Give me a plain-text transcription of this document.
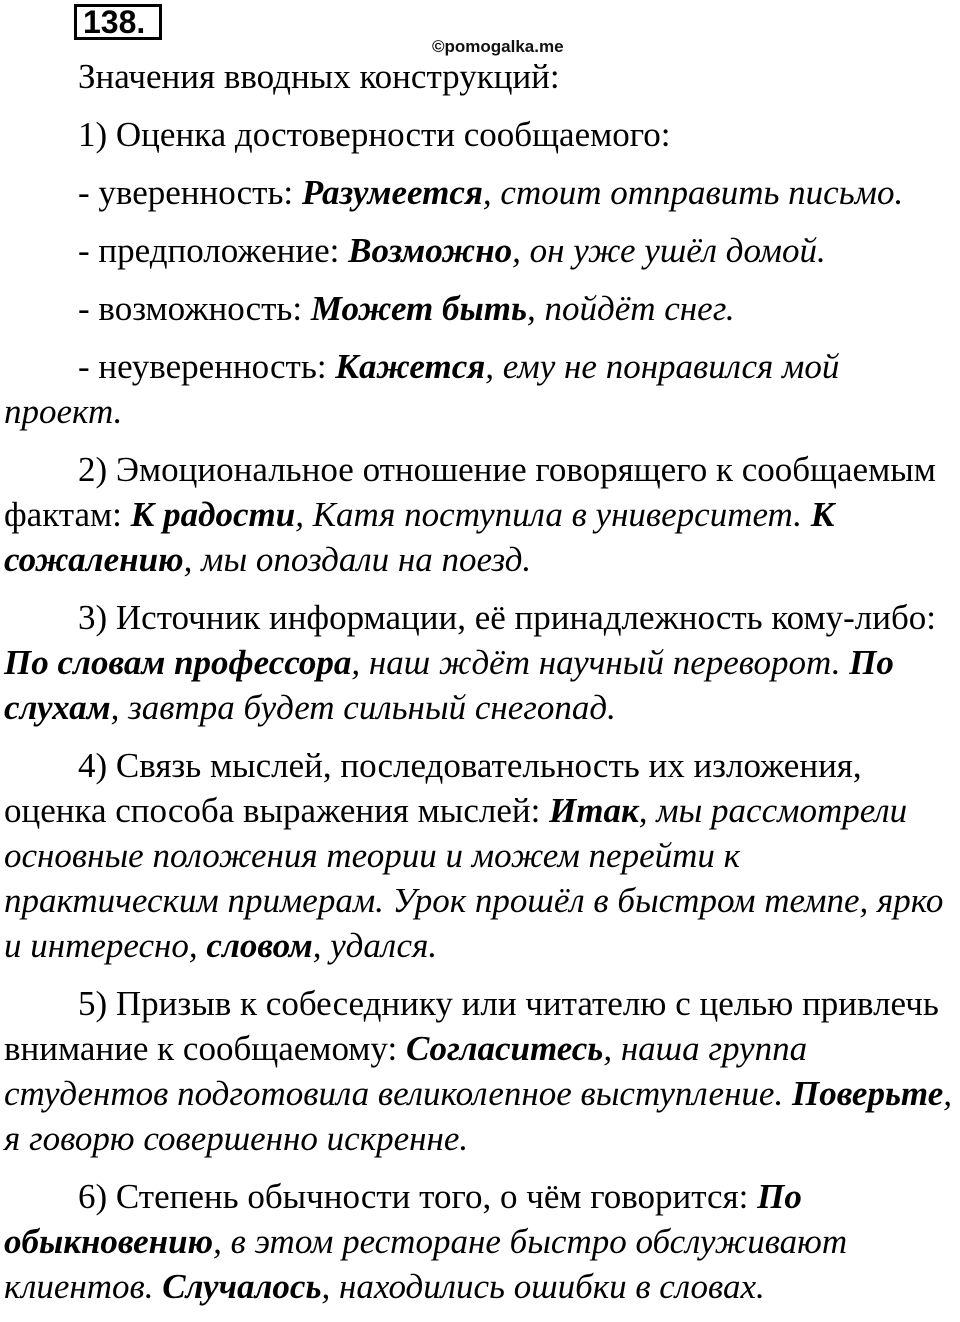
138.
©pomogalka.me

Значения вводных конструкций:

1) Оценка достоверности сообщаемого:

- уверенность: Разумеется, стоит отправить письмо.

- предположение: Возможно, он уже ушёл домой.

- возможность: Может быть, пойдёт снег.

- неуверенность: Кажется, ему не понравился мой проект.

2) Эмоциональное отношение говорящего к сообщаемым фактам: К радости, Катя поступила в университет. К сожалению, мы опоздали на поезд.

3) Источник информации, её принадлежность кому-либо: По словам профессора, наш ждёт научный переворот. По слухам, завтра будет сильный снегопад.

4) Связь мыслей, последовательность их изложения, оценка способа выражения мыслей: Итак, мы рассмотрели основные положения теории и можем перейти к практическим примерам. Урок прошёл в быстром темпе, ярко и интересно, словом, удался.

5) Призыв к собеседнику или читателю с целью привлечь внимание к сообщаемому: Согласитесь, наша группа студентов подготовила великолепное выступление. Поверьте, я говорю совершенно искренне.

6) Степень обычности того, о чём говорится: По обыкновению, в этом ресторане быстро обслуживают клиентов. Случалось, находились ошибки в словах.
